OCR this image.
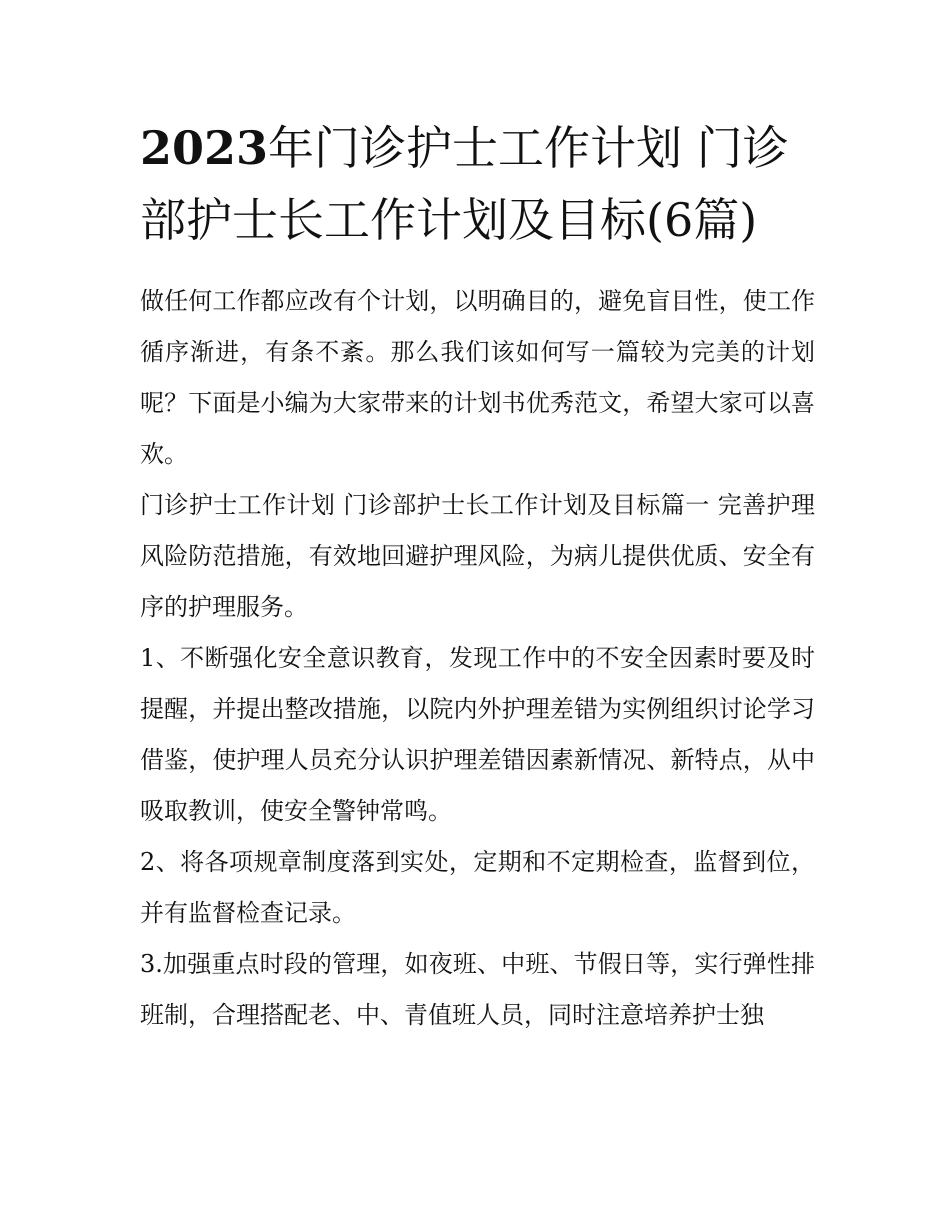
2023年门诊护士工作计划 门诊部护士长工作计划及目标(6篇)

做任何工作都应改有个计划，以明确目的，避免盲目性，使工作循序渐进，有条不紊。那么我们该如何写一篇较为完美的计划呢？下面是小编为大家带来的计划书优秀范文，希望大家可以喜欢。

门诊护士工作计划 门诊部护士长工作计划及目标篇一 完善护理风险防范措施，有效地回避护理风险，为病儿提供优质、安全有序的护理服务。

1、不断强化安全意识教育，发现工作中的不安全因素时要及时提醒，并提出整改措施，以院内外护理差错为实例组织讨论学习借鉴，使护理人员充分认识护理差错因素新情况、新特点，从中吸取教训，使安全警钟常鸣。

2、将各项规章制度落到实处，定期和不定期检查，监督到位，并有监督检查记录。

3.加强重点时段的管理，如夜班、中班、节假日等，实行弹性排班制，合理搭配老、中、青值班人员，同时注意培养护士独
